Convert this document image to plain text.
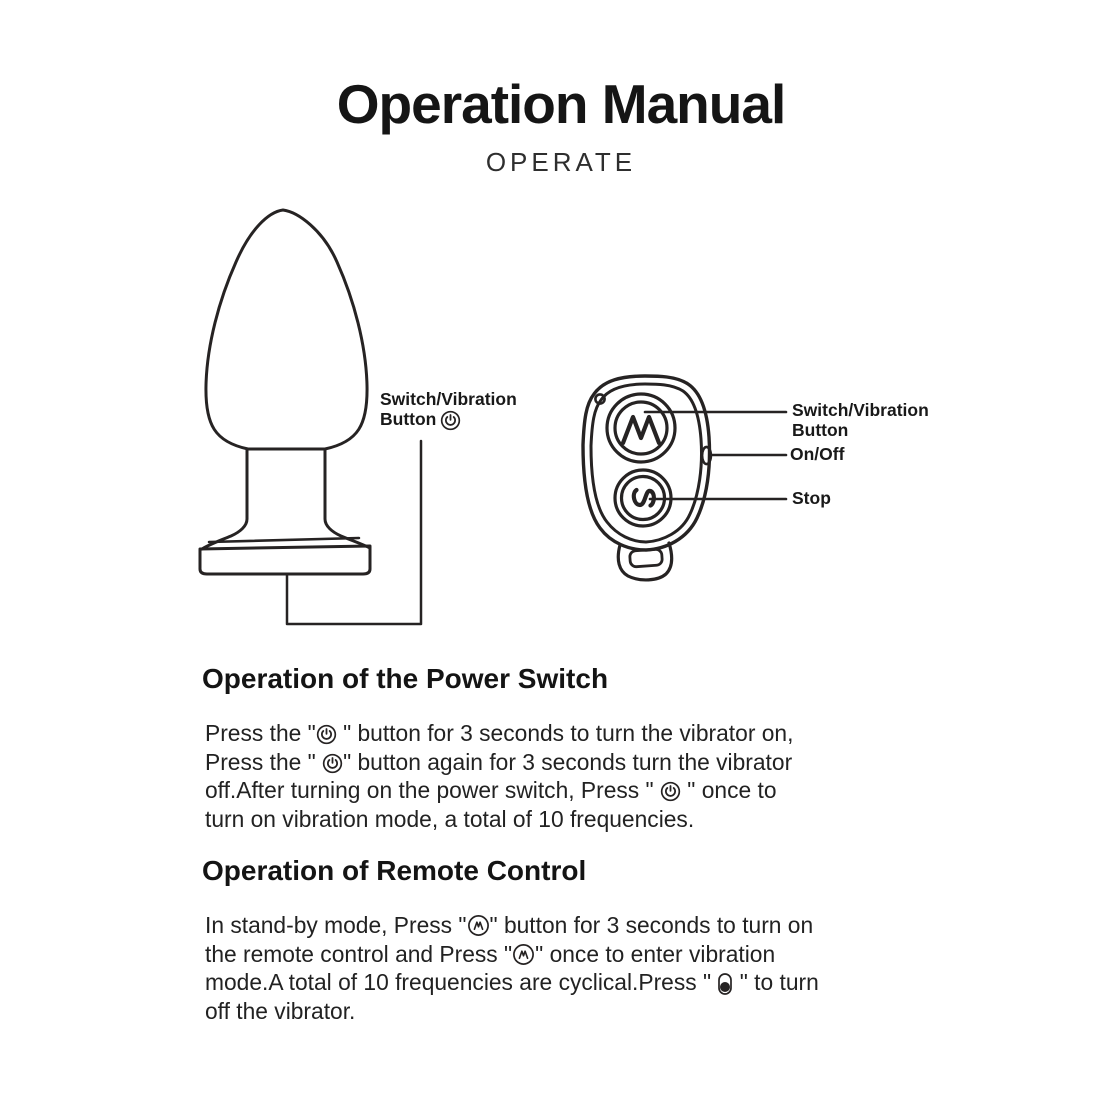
Operation Manual
OPERATE
Switch/Vibration
Button	Switch/Vibration
Button
On/Off
Stop
Operation of the Power Switch
Press the " " button for 3 seconds to turn the vibrator on,
Press the " " button again for 3 seconds turn the vibrator
off.After turning on the power switch, Press "  " once to
turn on vibration mode, a total of 10 frequencies.
Operation of Remote Control
In stand-by mode, Press " " button for 3 seconds to turn on
the remote control and Press " " once to enter vibration
mode.A total of 10 frequencies are cyclical.Press "  " to turn
off the vibrator.
